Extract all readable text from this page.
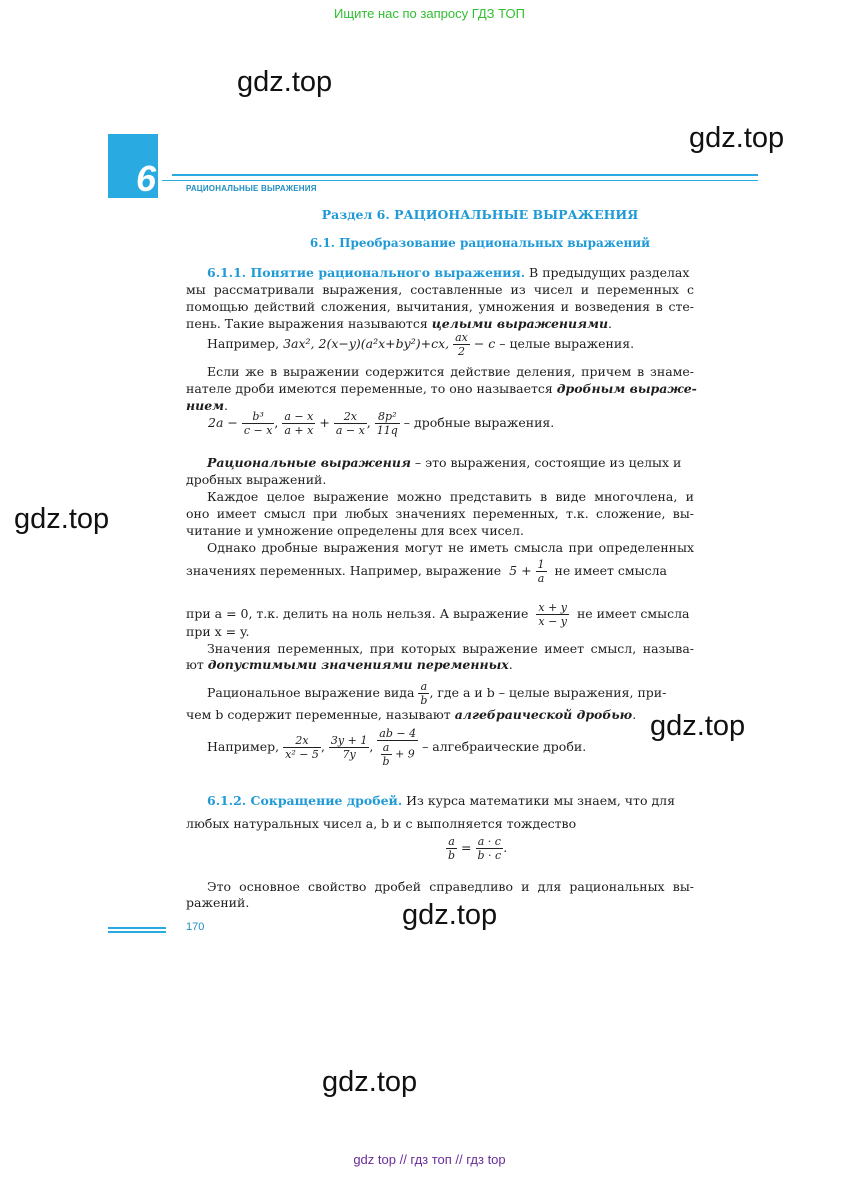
Ищите нас по запросу ГДЗ ТОП
gdz.top
gdz.top
gdz.top
gdz.top
gdz.top
gdz.top
6	РАЦИОНАЛЬНЫЕ ВЫРАЖЕНИЯ
Раздел 6. РАЦИОНАЛЬНЫЕ ВЫРАЖЕНИЯ
6.1. Преобразование рациональных выражений
6.1.1. Понятие рационального выражения. В предыдущих разделах
мы рассматривали выражения, составленные из чисел и переменных с
помощью действий сложения, вычитания, умножения и возведения в сте-
пень. Такие выражения называются целыми выражениями.
Например, 3ax², 2(x−y)(a²x+by²)+cx, $\frac{ax}{2} - c$ – целые выражения.
Если же в выражении содержится действие деления, причем в знаме-
нателе дроби имеются переменные, то оно называется дробным выраже-
нием.
$2a - \frac{\text{b³}}{c - x}$ , $\frac{a - x}{a + x} + \frac{2x}{a - x}$ , $\frac{\text{8p²}}{11q}$ – дробные выражения.
Рациональные выражения – это выражения, состоящие из целых и
дробных выражений.
Каждое целое выражение можно представить в виде многочлена, и
оно имеет смысл при любых значениях переменных, т.к. сложение, вы-
читание и умножение определены для всех чисел.
Однако дробные выражения могут не иметь смысла при определенных
значениях переменных. Например, выражение $5 + \frac{1}{a}$ не имеет смысла
при a = 0, т.к. делить на ноль нельзя. А выражение $\frac{x + y}{x - y}$ не имеет смысла
при x = y.
Значения переменных, при которых выражение имеет смысл, называ-
ют допустимыми значениями переменных.
Рациональное выражение вида $\frac{a}{b}$ , где a и b – целые выражения, при-
чем b содержит переменные, называют алгебраической дробью.
Например, $\frac{2x}{\text{x² − 5}}$ , $\frac{3y + 1}{7y}$ , $\frac{ab - 4}{\frac{a}{b} + 9}$ – алгебраические дроби.
6.1.2. Сокращение дробей. Из курса математики мы знаем, что для
любых натуральных чисел a, b и c выполняется тождество
$\frac{a}{b} = \frac{a \cdot c}{b \cdot c}$ .
Это основное свойство дробей справедливо и для рациональных вы-
ражений.
170
gdz top // гдз топ // гдз top
